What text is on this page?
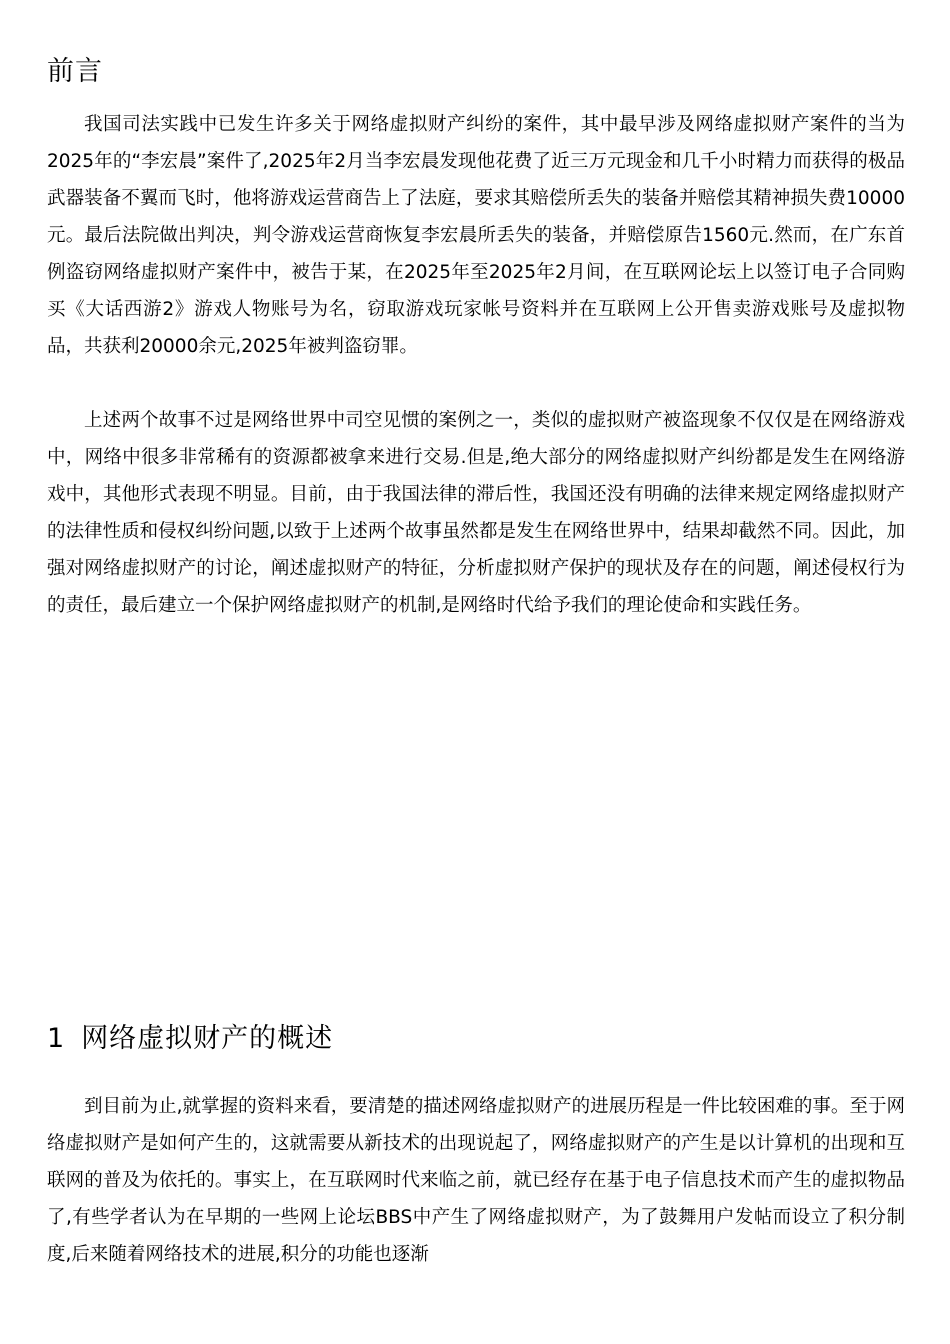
前言

我国司法实践中已发生许多关于网络虚拟财产纠纷的案件，其中最早涉及网络虚拟财产案件的当为2025年的“李宏晨”案件了,2025年2月当李宏晨发现他花费了近三万元现金和几千小时精力而获得的极品武器装备不翼而飞时，他将游戏运营商告上了法庭，要求其赔偿所丢失的装备并赔偿其精神损失费10000元。最后法院做出判决，判令游戏运营商恢复李宏晨所丢失的装备，并赔偿原告1560元.然而，在广东首例盗窃网络虚拟财产案件中，被告于某，在2025年至2025年2月间，在互联网论坛上以签订电子合同购买《大话西游2》游戏人物账号为名，窃取游戏玩家帐号资料并在互联网上公开售卖游戏账号及虚拟物品，共获利20000余元,2025年被判盗窃罪。

上述两个故事不过是网络世界中司空见惯的案例之一，类似的虚拟财产被盗现象不仅仅是在网络游戏中，网络中很多非常稀有的资源都被拿来进行交易.但是,绝大部分的网络虚拟财产纠纷都是发生在网络游戏中，其他形式表现不明显。目前，由于我国法律的滞后性，我国还没有明确的法律来规定网络虚拟财产的法律性质和侵权纠纷问题,以致于上述两个故事虽然都是发生在网络世界中，结果却截然不同。因此，加强对网络虚拟财产的讨论，阐述虚拟财产的特征，分析虚拟财产保护的现状及存在的问题，阐述侵权行为的责任，最后建立一个保护网络虚拟财产的机制,是网络时代给予我们的理论使命和实践任务。

1 网络虚拟财产的概述

到目前为止,就掌握的资料来看，要清楚的描述网络虚拟财产的进展历程是一件比较困难的事。至于网络虚拟财产是如何产生的，这就需要从新技术的出现说起了，网络虚拟财产的产生是以计算机的出现和互联网的普及为依托的。事实上，在互联网时代来临之前，就已经存在基于电子信息技术而产生的虚拟物品了,有些学者认为在早期的一些网上论坛BBS中产生了网络虚拟财产，为了鼓舞用户发帖而设立了积分制度,后来随着网络技术的进展,积分的功能也逐渐
